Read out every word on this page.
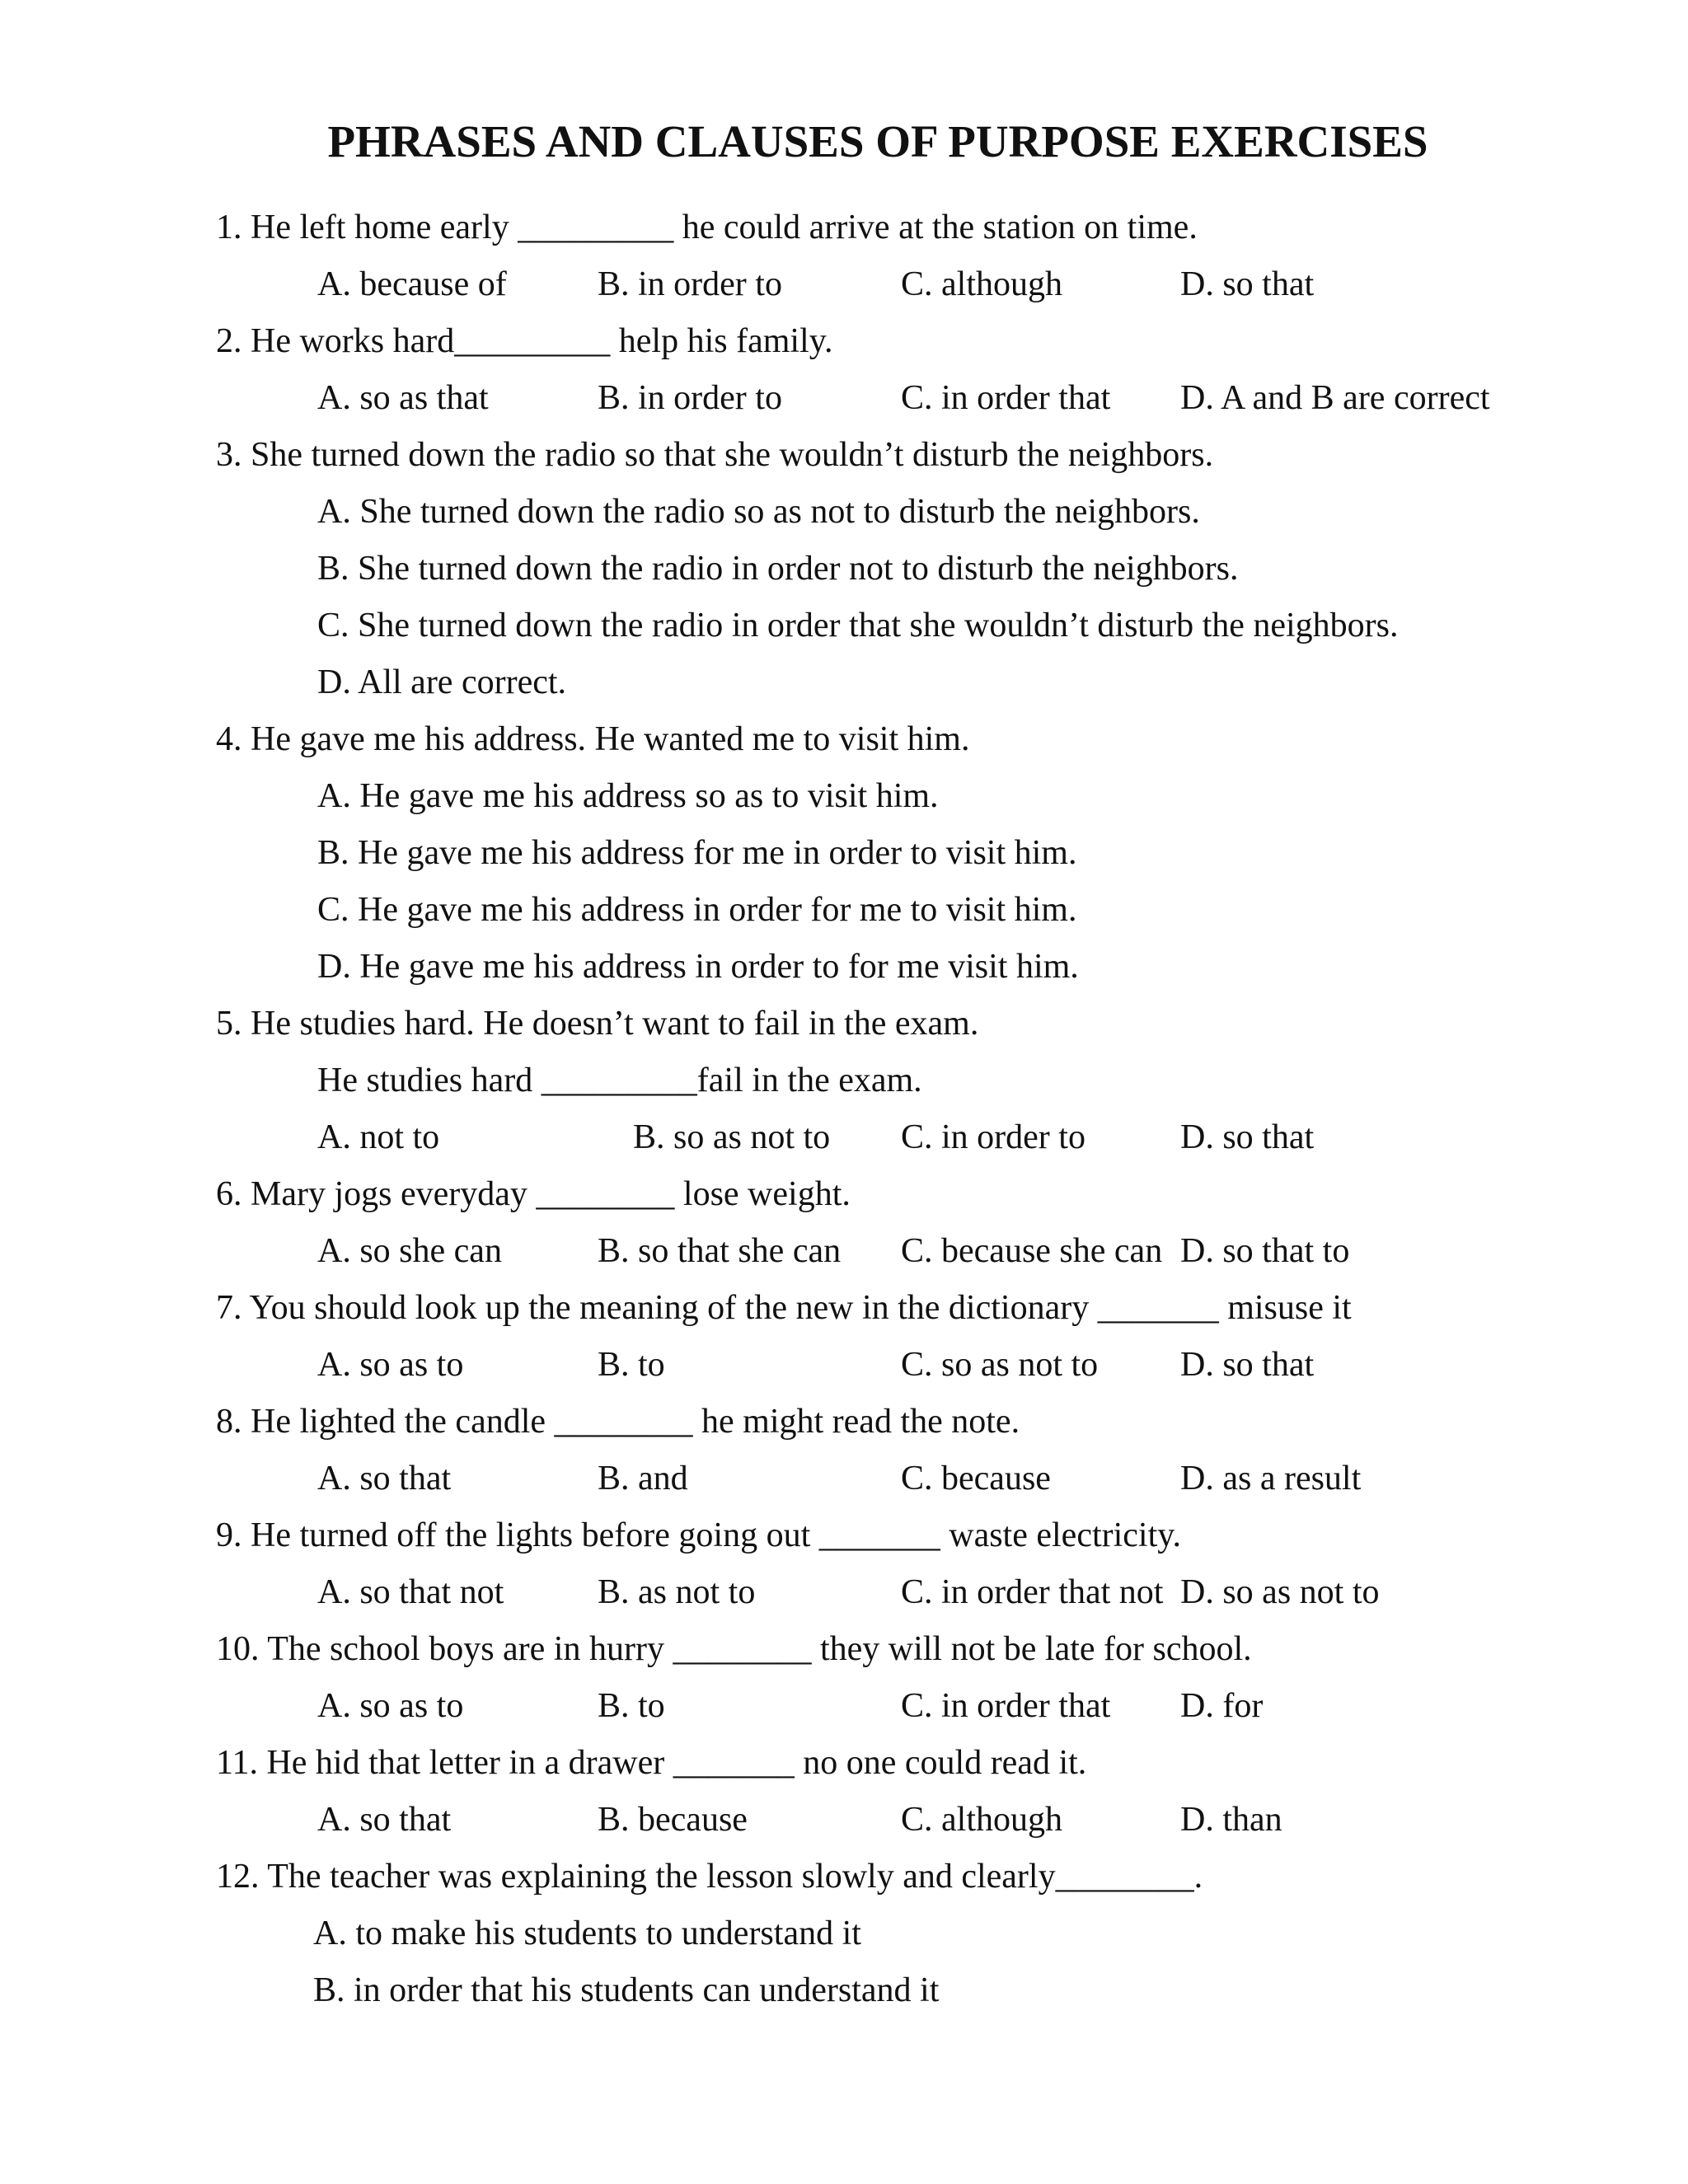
PHRASES AND CLAUSES OF PURPOSE EXERCISES
1. He left home early _________ he could arrive at the station on time.
A. because of	B. in order to	C. although	D. so that
2. He works hard_________ help his family.
A. so as that	B. in order to	C. in order that D. A and B are correct
3. She turned down the radio so that she wouldn’t disturb the neighbors.
A. She turned down the radio so as not to disturb the neighbors.
B. She turned down the radio in order not to disturb the neighbors.
C. She turned down the radio in order that she wouldn’t disturb the neighbors.
D. All are correct.
4. He gave me his address. He wanted me to visit him.
A. He gave me his address so as to visit him.
B. He gave me his address for me in order to visit him.
C. He gave me his address in order for me to visit him.
D. He gave me his address in order to for me visit him.
5. He studies hard. He doesn’t want to fail in the exam.
He studies hard _________fail in the exam.
A. not to	B. so as not to C. in order to	D. so that
6. Mary jogs everyday ________ lose weight.
A. so she can	B. so that she can C. because she can D. so that to
7. You should look up the meaning of the new in the dictionary _______ misuse it
A. so as to	B. to	C. so as not to D. so that
8. He lighted the candle ________ he might read the note.
A. so that	B. and	C. because	D. as a result
9. He turned off the lights before going out _______ waste electricity.
A. so that not	B. as not to	C. in order that not D. so as not to
10. The school boys are in hurry ________ they will not be late for school.
A. so as to	B. to	C. in order that D. for
11. He hid that letter in a drawer _______ no one could read it.
A. so that	B. because	C. although	D. than
12. The teacher was explaining the lesson slowly and clearly________.
A. to make his students to understand it
B. in order that his students can understand it
